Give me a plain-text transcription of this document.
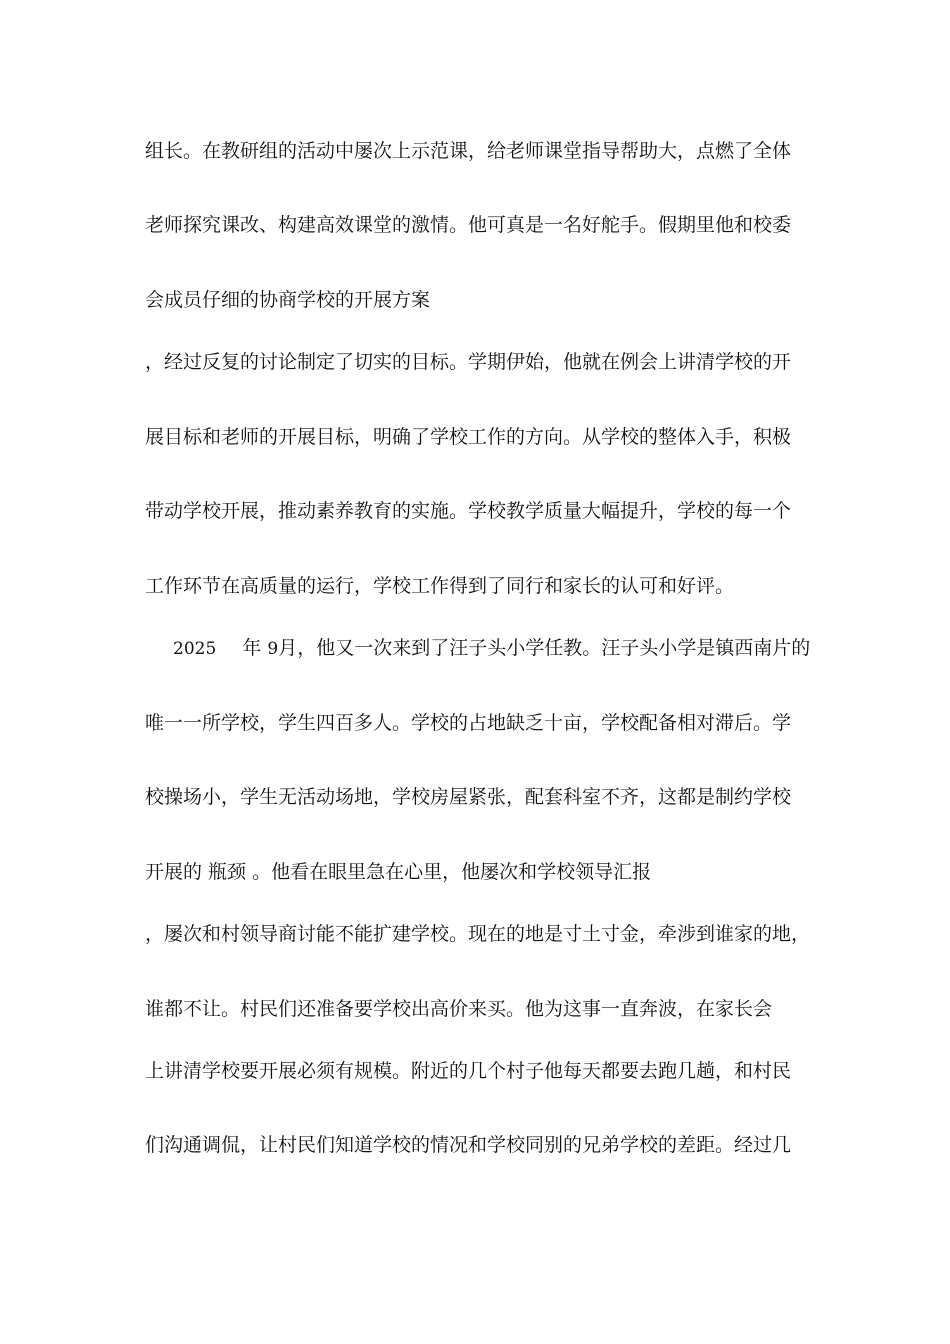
组长。在教研组的活动中屡次上示范课，给老师课堂指导帮助大，点燃了全体
老师探究课改、构建高效课堂的激情。他可真是一名好舵手。假期里他和校委
会成员仔细的协商学校的开展方案
，经过反复的讨论制定了切实的目标。学期伊始，他就在例会上讲清学校的开
展目标和老师的开展目标，明确了学校工作的方向。从学校的整体入手，积极
带动学校开展，推动素养教育的实施。学校教学质量大幅提升，学校的每一个
工作环节在高质量的运行，学校工作得到了同行和家长的认可和好评。
2025 年 9月，他又一次来到了汪子头小学任教。汪子头小学是镇西南片的
唯一一所学校，学生四百多人。学校的占地缺乏十亩，学校配备相对滞后。学
校操场小，学生无活动场地，学校房屋紧张，配套科室不齐，这都是制约学校
开展的 瓶颈 。他看在眼里急在心里，他屡次和学校领导汇报
，屡次和村领导商讨能不能扩建学校。现在的地是寸土寸金，牵涉到谁家的地，
谁都不让。村民们还准备要学校出高价来买。他为这事一直奔波，在家长会
上讲清学校要开展必须有规模。附近的几个村子他每天都要去跑几趟，和村民
们沟通调侃，让村民们知道学校的情况和学校同别的兄弟学校的差距。经过几
